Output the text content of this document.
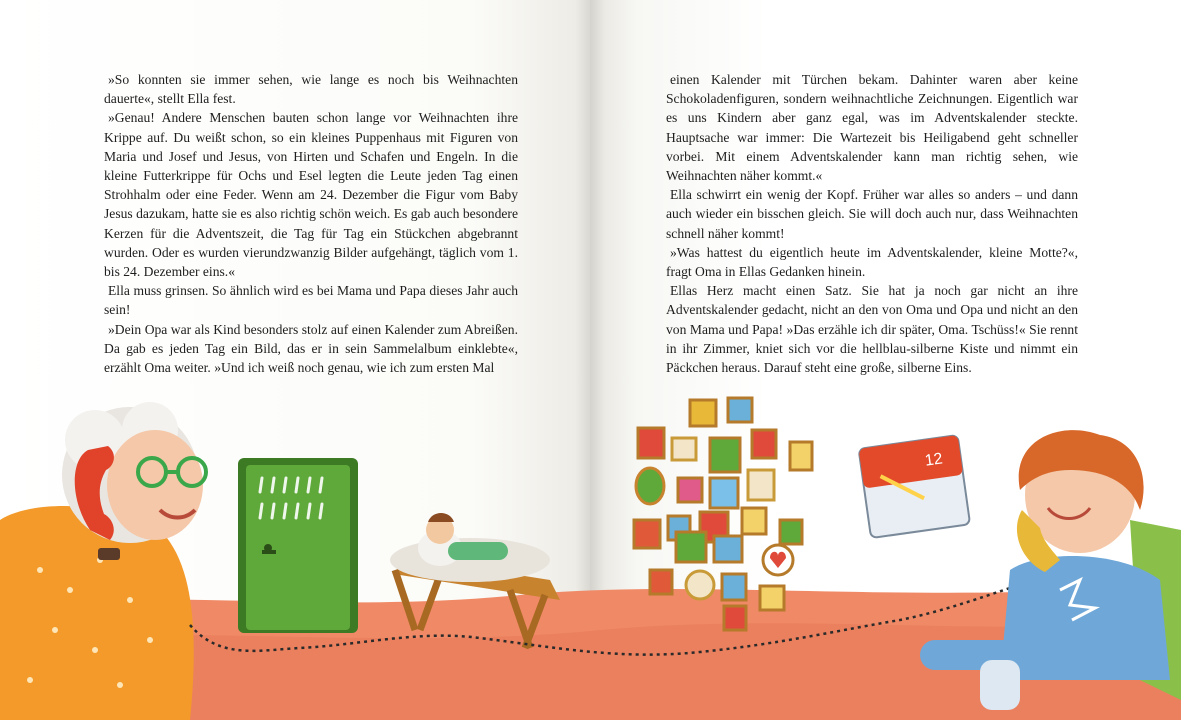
»So konnten sie immer sehen, wie lange es noch bis Weihnachten dauerte«, stellt Ella fest.

»Genau! Andere Menschen bauten schon lange vor Weihnachten ihre Krippe auf. Du weißt schon, so ein kleines Puppenhaus mit Figuren von Maria und Josef und Jesus, von Hirten und Schafen und Engeln. In die kleine Futterkrippe für Ochs und Esel legten die Leute jeden Tag einen Strohhalm oder eine Feder. Wenn am 24. Dezember die Figur vom Baby Jesus dazukam, hatte sie es also richtig schön weich. Es gab auch besondere Kerzen für die Adventszeit, die Tag für Tag ein Stückchen abgebrannt wurden. Oder es wurden vierundzwanzig Bilder aufgehängt, täglich vom 1. bis 24. Dezember eins.«

Ella muss grinsen. So ähnlich wird es bei Mama und Papa dieses Jahr auch sein!

»Dein Opa war als Kind besonders stolz auf einen Kalender zum Abreißen. Da gab es jeden Tag ein Bild, das er in sein Sammelalbum einklebte«, erzählt Oma weiter. »Und ich weiß noch genau, wie ich zum ersten Mal

einen Kalender mit Türchen bekam. Dahinter waren aber keine Schokoladenfiguren, sondern weihnachtliche Zeichnungen. Eigentlich war es uns Kindern aber ganz egal, was im Adventskalender steckte. Hauptsache war immer: Die Wartezeit bis Heiligabend geht schneller vorbei. Mit einem Adventskalender kann man richtig sehen, wie Weihnachten näher kommt.«

Ella schwirrt ein wenig der Kopf. Früher war alles so anders – und dann auch wieder ein bisschen gleich. Sie will doch auch nur, dass Weihnachten schnell näher kommt!

»Was hattest du eigentlich heute im Adventskalender, kleine Motte?«, fragt Oma in Ellas Gedanken hinein.

Ellas Herz macht einen Satz. Sie hat ja noch gar nicht an ihre Adventskalender gedacht, nicht an den von Oma und Opa und nicht an den von Mama und Papa! »Das erzähle ich dir später, Oma. Tschüss!« Sie rennt in ihr Zimmer, kniet sich vor die hellblau-silberne Kiste und nimmt ein Päckchen heraus. Darauf steht eine große, silberne Eins.

12
